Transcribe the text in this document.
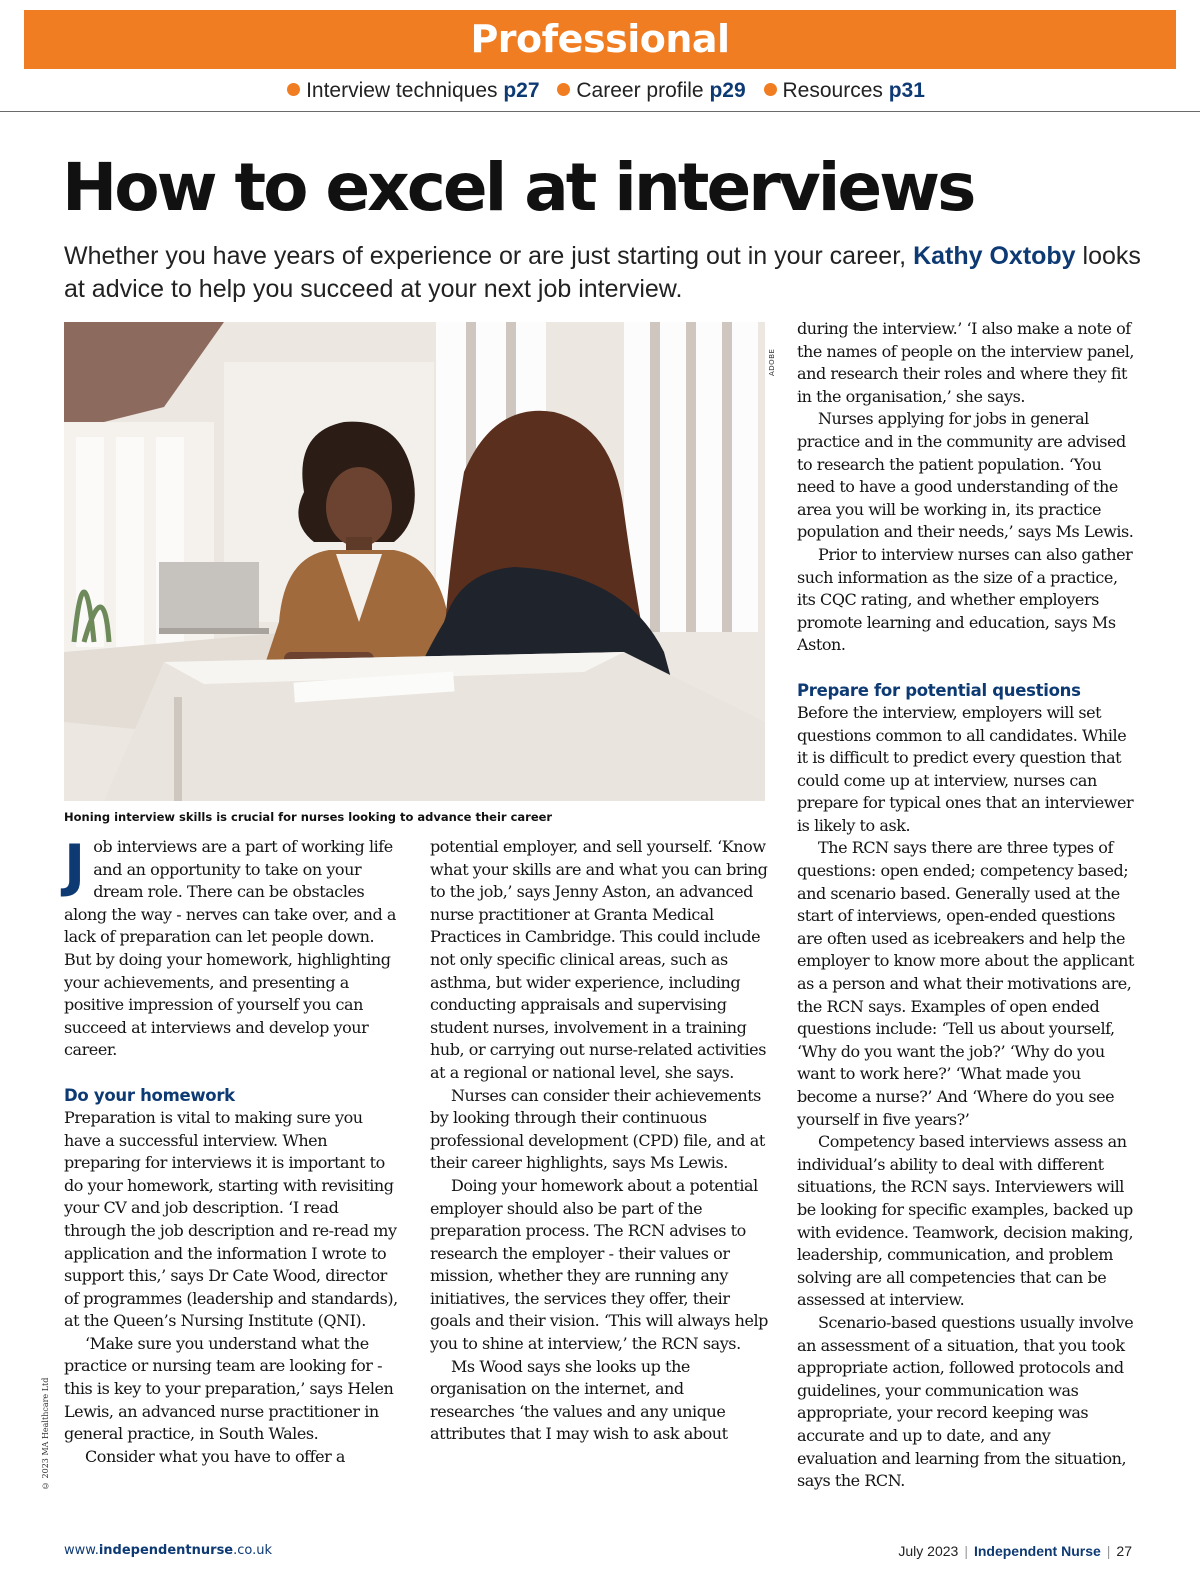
Professional
Interview techniques p27 Career profile p29 Resources p31
How to excel at interviews

Whether you have years of experience or are just starting out in your career, Kathy Oxtoby looks at advice to help you succeed at your next job interview.

ADOBE
Honing interview skills is crucial for nurses looking to advance their career

Job interviews are a part of working life and an opportunity to take on your dream role. There can be obstacles along the way - nerves can take over, and a lack of preparation can let people down. But by doing your homework, highlighting your achievements, and presenting a positive impression of yourself you can succeed at interviews and develop your career.

Do your homework

Preparation is vital to making sure you have a successful interview. When preparing for interviews it is important to do your homework, starting with revisiting your CV and job description. ‘I read through the job description and re-read my application and the information I wrote to support this,’ says Dr Cate Wood, director of programmes (leadership and standards), at the Queen’s Nursing Institute (QNI).

‘Make sure you understand what the practice or nursing team are looking for - this is key to your preparation,’ says Helen Lewis, an advanced nurse practitioner in general practice, in South Wales.

Consider what you have to offer a

potential employer, and sell yourself. ‘Know what your skills are and what you can bring to the job,’ says Jenny Aston, an advanced nurse practitioner at Granta Medical Practices in Cambridge. This could include not only specific clinical areas, such as asthma, but wider experience, including conducting appraisals and supervising student nurses, involvement in a training hub, or carrying out nurse-related activities at a regional or national level, she says.

Nurses can consider their achievements by looking through their continuous professional development (CPD) file, and at their career highlights, says Ms Lewis.

Doing your homework about a potential employer should also be part of the preparation process. The RCN advises to research the employer - their values or mission, whether they are running any initiatives, the services they offer, their goals and their vision. ‘This will always help you to shine at interview,’ the RCN says.

Ms Wood says she looks up the organisation on the internet, and researches ‘the values and any unique attributes that I may wish to ask about

during the interview.’ ‘I also make a note of the names of people on the interview panel, and research their roles and where they fit in the organisation,’ she says.

Nurses applying for jobs in general practice and in the community are advised to research the patient population. ‘You need to have a good understanding of the area you will be working in, its practice population and their needs,’ says Ms Lewis.

Prior to interview nurses can also gather such information as the size of a practice, its CQC rating, and whether employers promote learning and education, says Ms Aston.

Prepare for potential questions

Before the interview, employers will set questions common to all candidates. While it is difficult to predict every question that could come up at interview, nurses can prepare for typical ones that an interviewer is likely to ask.

The RCN says there are three types of questions: open ended; competency based; and scenario based. Generally used at the start of interviews, open-ended questions are often used as icebreakers and help the employer to know more about the applicant as a person and what their motivations are, the RCN says. Examples of open ended questions include: ‘Tell us about yourself, ‘Why do you want the job?’ ‘Why do you want to work here?’ ‘What made you become a nurse?’ And ‘Where do you see yourself in five years?’

Competency based interviews assess an individual’s ability to deal with different situations, the RCN says. Interviewers will be looking for specific examples, backed up with evidence. Teamwork, decision making, leadership, communication, and problem solving are all competencies that can be assessed at interview.

Scenario-based questions usually involve an assessment of a situation, that you took appropriate action, followed protocols and guidelines, your communication was appropriate, your record keeping was accurate and up to date, and any evaluation and learning from the situation, says the RCN.

© 2023 MA Healthcare Ltd
www.independentnurse.co.uk	July 2023 | Independent Nurse | 27
